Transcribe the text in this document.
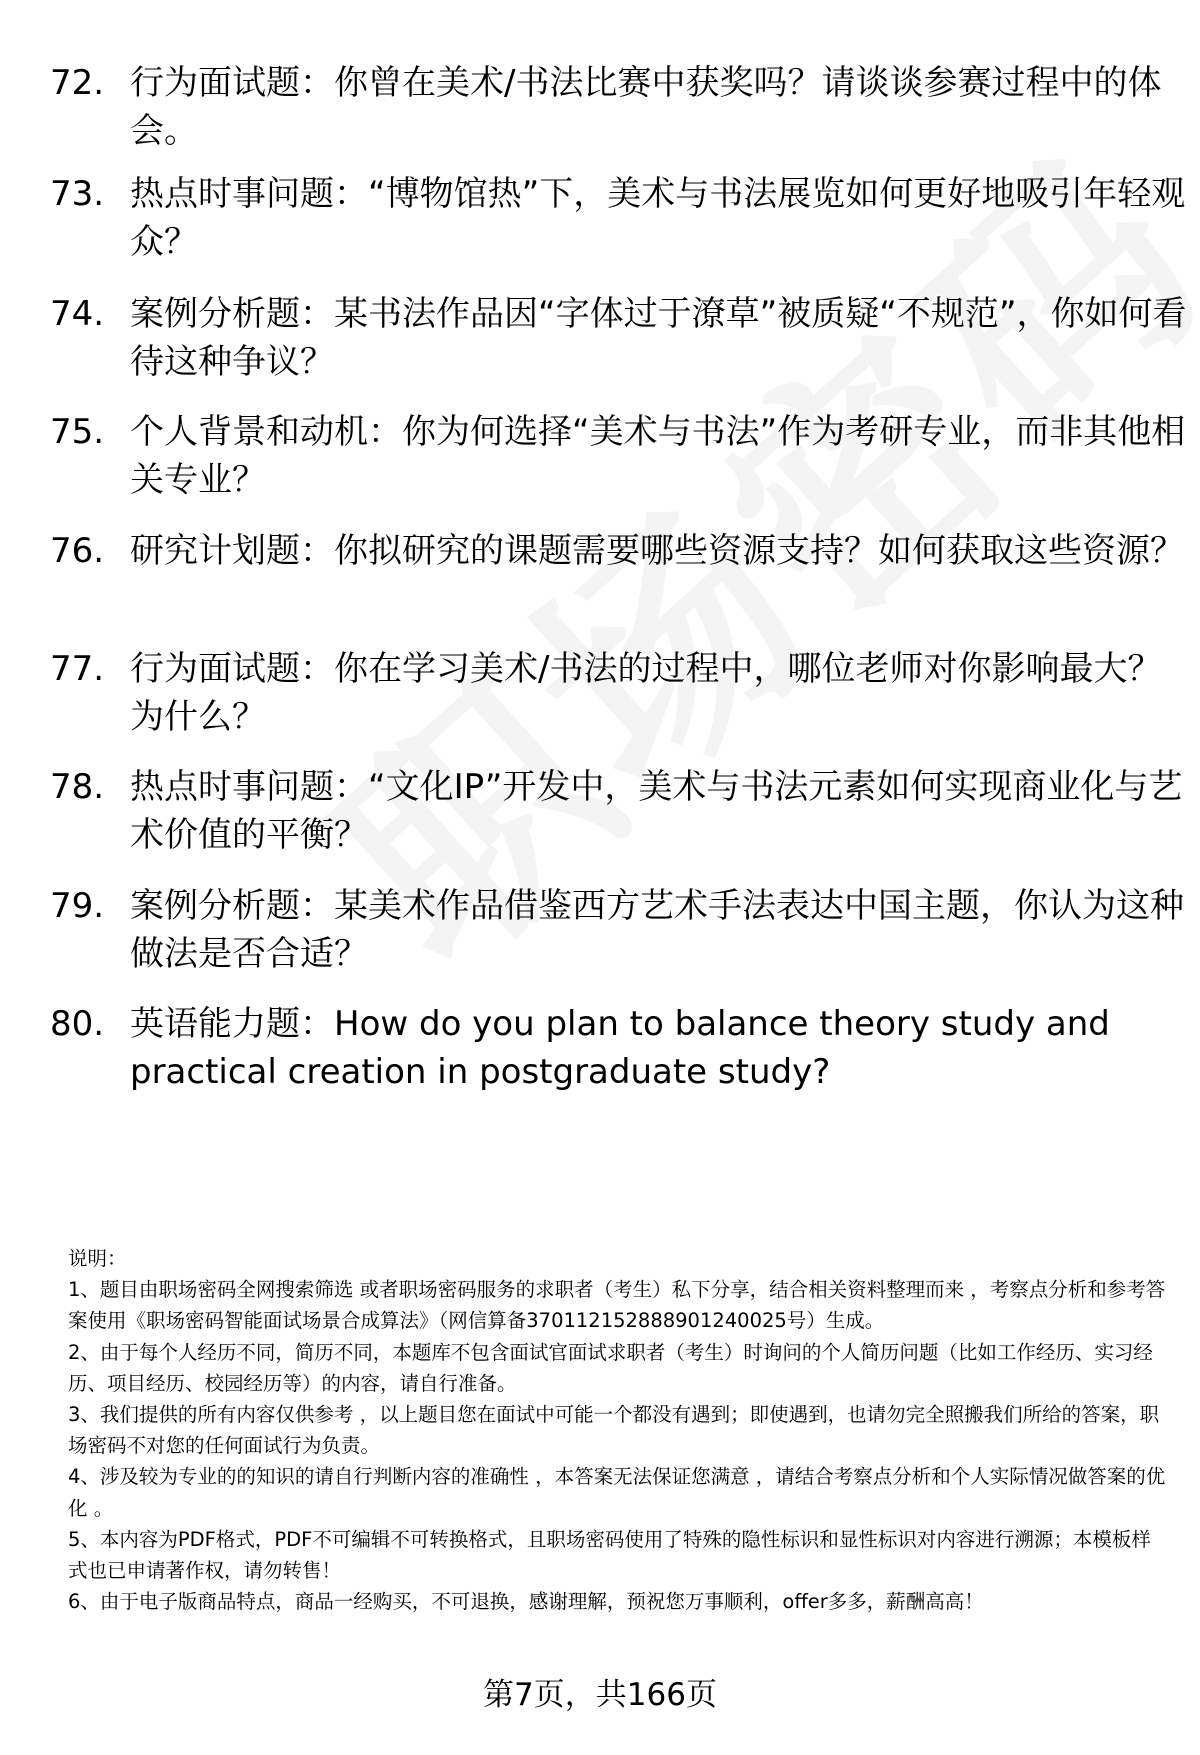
72. 行为面试题：你曾在美术/书法比赛中获奖吗？请谈谈参赛过程中的体会。
73. 热点时事问题：“博物馆热”下，美术与书法展览如何更好地吸引年轻观众？
74. 案例分析题：某书法作品因“字体过于潦草”被质疑“不规范”，你如何看待这种争议？
75. 个人背景和动机：你为何选择“美术与书法”作为考研专业，而非其他相关专业？
76. 研究计划题：你拟研究的课题需要哪些资源支持？如何获取这些资源？
77. 行为面试题：你在学习美术/书法的过程中，哪位老师对你影响最大？为什么？
78. 热点时事问题：“文化IP”开发中，美术与书法元素如何实现商业化与艺术价值的平衡？
79. 案例分析题：某美术作品借鉴西方艺术手法表达中国主题，你认为这种做法是否合适？
80. 英语能力题：How do you plan to balance theory study and practical creation in postgraduate study?

说明：

1、题目由职场密码全网搜索筛选 或者职场密码服务的求职者（考生）私下分享，结合相关资料整理而来 ，考察点分析和参考答案使用《职场密码智能面试场景合成算法》（网信算备370112152888901240025号）生成。

2、由于每个人经历不同，简历不同，本题库不包含面试官面试求职者（考生）时询问的个人简历问题（比如工作经历、实习经历、项目经历、校园经历等）的内容，请自行准备。

3、我们提供的所有内容仅供参考 ，以上题目您在面试中可能一个都没有遇到；即使遇到，也请勿完全照搬我们所给的答案，职场密码不对您的任何面试行为负责。

4、涉及较为专业的的知识的请自行判断内容的准确性 ，本答案无法保证您满意 ，请结合考察点分析和个人实际情况做答案的优化 。

5、本内容为PDF格式，PDF不可编辑不可转换格式，且职场密码使用了特殊的隐性标识和显性标识对内容进行溯源；本模板样式也已申请著作权，请勿转售！

6、由于电子版商品特点，商品一经购买，不可退换，感谢理解，预祝您万事顺利，offer多多，薪酬高高！

第7页，共166页
